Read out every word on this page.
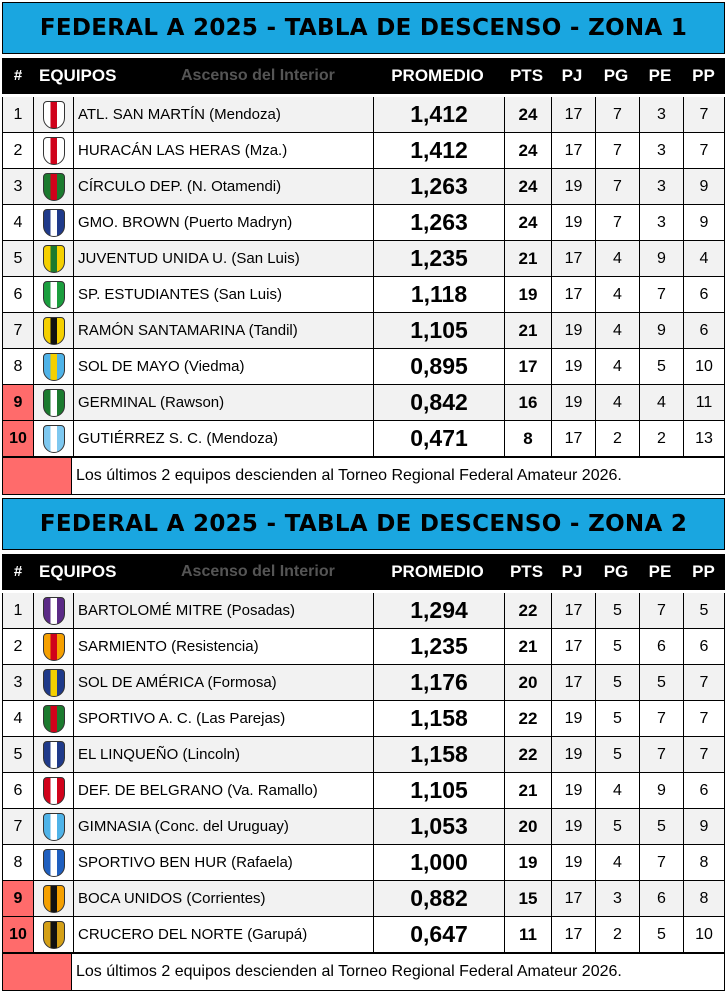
FEDERAL A 2025 - TABLA DE DESCENSO - ZONA 1
# EQUIPOS	Ascenso del Interior	PROMEDIO	PTS	PJ	PG	PE	PP
1	ATL. SAN MARTÍN (Mendoza)	1,412	24	17	7	3	7
2	HURACÁN LAS HERAS (Mza.)	1,412	24	17	7	3	7
3	CÍRCULO DEP. (N. Otamendi)	1,263	24	19	7	3	9
4	GMO. BROWN (Puerto Madryn)	1,263	24	19	7	3	9
5	JUVENTUD UNIDA U. (San Luis)	1,235	21	17	4	9	4
6	SP. ESTUDIANTES (San Luis)	1,118	19	17	4	7	6
7	RAMÓN SANTAMARINA (Tandil)	1,105	21	19	4	9	6
8	SOL DE MAYO (Viedma)	0,895	17	19	4	5	10
9	GERMINAL (Rawson)	0,842	16	19	4	4	11
10	GUTIÉRREZ S. C. (Mendoza)	0,471	8	17	2	2	13
Los últimos 2 equipos descienden al Torneo Regional Federal Amateur 2026.
FEDERAL A 2025 - TABLA DE DESCENSO - ZONA 2
# EQUIPOS	Ascenso del Interior	PROMEDIO	PTS	PJ	PG	PE	PP
1	BARTOLOMÉ MITRE (Posadas)	1,294	22	17	5	7	5
2	SARMIENTO (Resistencia)	1,235	21	17	5	6	6
3	SOL DE AMÉRICA (Formosa)	1,176	20	17	5	5	7
4	SPORTIVO A. C. (Las Parejas)	1,158	22	19	5	7	7
5	EL LINQUEÑO (Lincoln)	1,158	22	19	5	7	7
6	DEF. DE BELGRANO (Va. Ramallo)	1,105	21	19	4	9	6
7	GIMNASIA (Conc. del Uruguay)	1,053	20	19	5	5	9
8	SPORTIVO BEN HUR (Rafaela)	1,000	19	19	4	7	8
9	BOCA UNIDOS (Corrientes)	0,882	15	17	3	6	8
10	CRUCERO DEL NORTE (Garupá)	0,647	11	17	2	5	10
Los últimos 2 equipos descienden al Torneo Regional Federal Amateur 2026.
